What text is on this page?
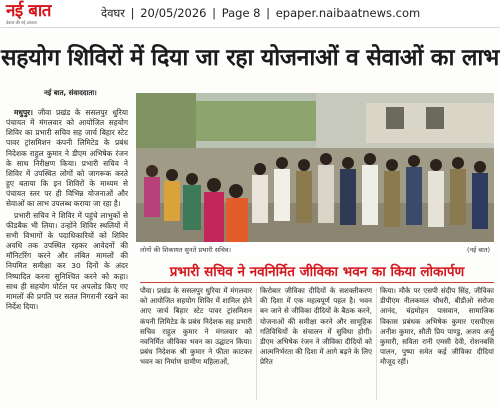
नई बात
देवघर की नई आवाज
देवघर | 20/05/2026 | Page 8 | epaper.naibaatnews.com
सहयोग शिविरों में दिया जा रहा योजनाओं व सेवाओं का लाभ
नई बात, संवाददाता।

मधुपुर। जीवा प्रखंड के ससलपुर धुरिया पंचायत में मंगलवार को आयोजित सहयोग शिविर का प्रभारी सचिव सह जार्च बिहार स्टेट पावर ट्रांसमिशन कंपनी लिमिटेड के प्रबंध निदेशक राहुल कुमार ने डीएम अभिषेक रंजन के साथ निरीक्षण किया। प्रभारी सचिव ने शिविर में उपस्थित लोगों को जागरूक करते हुए बताया कि इन शिविरों के माध्यम से पंचायत स्तर पर ही विभिन्न योजनाओं और सेवाओं का लाभ उपलब्ध कराया जा रहा है।

प्रभारी सचिव ने शिविर में पहुंचे लाभुकों से फीडबैक भी लिया। उन्होंने शिविर स्थलियों में सभी विभागों के पदाधिकारियों को शिविर अवधि तक उपस्थित रहकर आवेदनों की मॉनिटरिंग करने और लंबित मामलों की नियमित समीक्षा कर 30 दिनों के अंदर निष्पादित करना सुनिश्चित करने को कहा। साथ ही सहयोग पोर्टल पर अपलोड किए गए मामलों की प्रगति पर सतत निगरानी रखने का निर्देश दिया।

लोगों की शिकायत सुनते प्रभारी सचिव।	(नई बात)
प्रभारी सचिव ने नवनिर्मित जीविका भवन का किया लोकार्पण
पौवा। प्रखंड के ससलपुर धुरिया में मंगलवार को आयोजित सहयोग शिविर में शामिल होने आए जार्च बिहार स्टेट पावर ट्रांसमिशन कंपनी लिमिटेड के प्रबंध निदेशक सह प्रभारी सचिव राहुल कुमार ने मंगलवार को नवनिर्मित जीविका भवन का उद्घाटन किया। प्रबंध निदेशक श्री कुमार ने फीता काटकर भवन का निर्माण ग्रामीण महिलाओं,
किरोबार जीविका दीदियों के सशक्तीकरण की दिशा में एक महत्वपूर्ण पहल है। भवन बन जाने से जीविका दीदियों के बैठक करने, योजनाओं की समीक्षा करने और सामूहिक गतिविधियों के संचालन में सुविधा होगी। डीएम अभिषेक रंजन ने जीविका दीदियों को आत्मनिर्भरता की दिशा में आगे बढ़ने के लिए प्रेरित
किया। मौके पर एसपी संदीप सिंह, जीविका डीपीएम नीलकमल चौधरी, बीडीओ सरोजा आनंद, चंद्रमोहन पासवान, सामाजिक विकास प्रबंधक अभिषेक कुमार एसपीएस अनीश कुमार, सौती प्रिय पाण्डु, अजय अर्जु कुमारी, सविता रानी एमसी देवी, रोशनबसि पालन, पुष्पा समेत कई जीविका दीदियां मौजूद रहीं।
